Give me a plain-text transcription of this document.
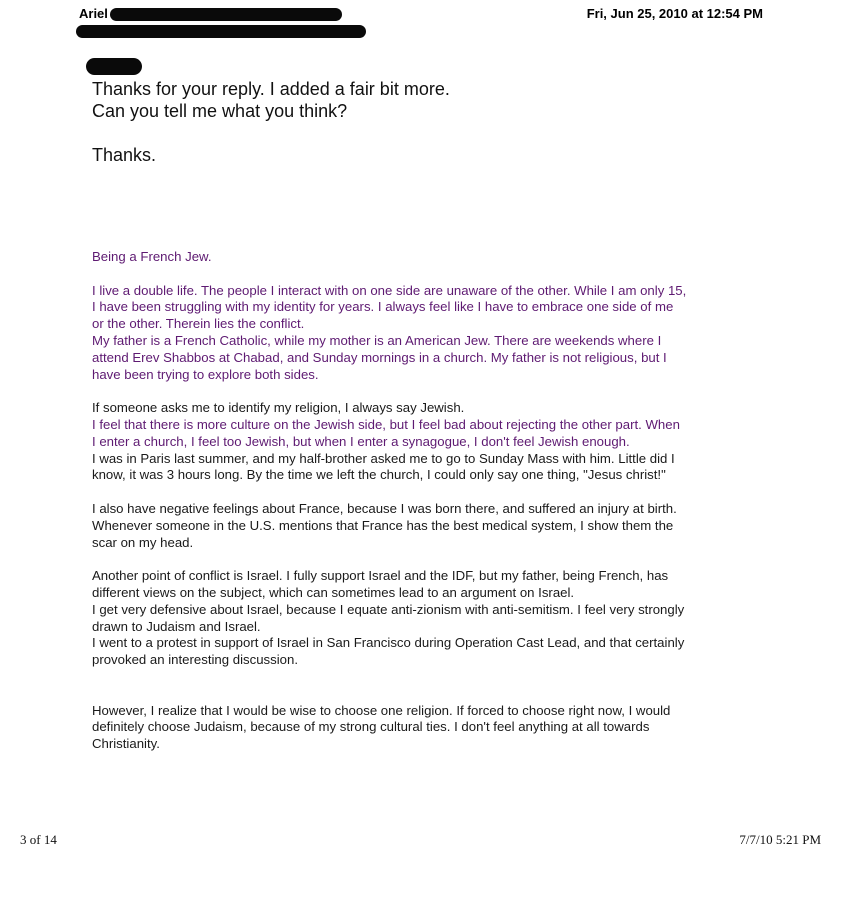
Ariel	Fri, Jun 25, 2010 at 12:54 PM

Thanks for your reply. I added a fair bit more.

Can you tell me what you think?

Thanks.

Being a French Jew.

I live a double life. The people I interact with on one side are unaware of the other. While I am only 15,

I have been struggling with my identity for years. I always feel like I have to embrace one side of me

or the other. Therein lies the conflict.

My father is a French Catholic, while my mother is an American Jew. There are weekends where I

attend Erev Shabbos at Chabad, and Sunday mornings in a church. My father is not religious, but I

have been trying to explore both sides.

If someone asks me to identify my religion, I always say Jewish.

I feel that there is more culture on the Jewish side, but I feel bad about rejecting the other part. When

I enter a church, I feel too Jewish, but when I enter a synagogue, I don't feel Jewish enough.

I was in Paris last summer, and my half-brother asked me to go to Sunday Mass with him. Little did I

know, it was 3 hours long. By the time we left the church, I could only say one thing, "Jesus christ!"

I also have negative feelings about France, because I was born there, and suffered an injury at birth.

Whenever someone in the U.S. mentions that France has the best medical system, I show them the

scar on my head.

Another point of conflict is Israel. I fully support Israel and the IDF, but my father, being French, has

different views on the subject, which can sometimes lead to an argument on Israel.

I get very defensive about Israel, because I equate anti-zionism with anti-semitism. I feel very strongly

drawn to Judaism and Israel.

I went to a protest in support of Israel in San Francisco during Operation Cast Lead, and that certainly

provoked an interesting discussion.

However, I realize that I would be wise to choose one religion. If forced to choose right now, I would

definitely choose Judaism, because of my strong cultural ties. I don't feel anything at all towards

Christianity.

3 of 14	7/7/10 5:21 PM
